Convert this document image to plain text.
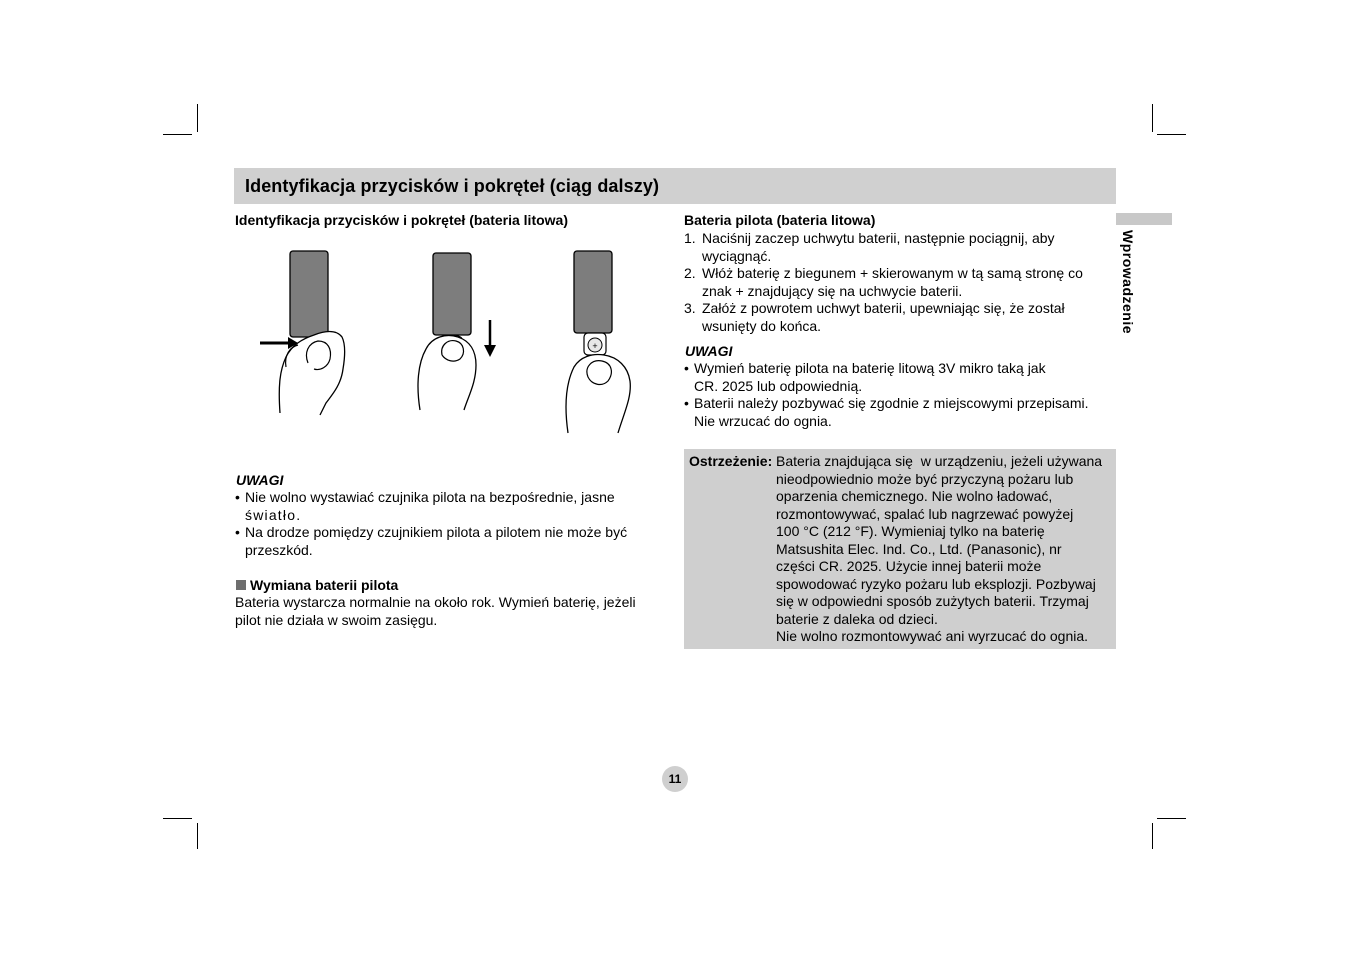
Identyfikacja przycisków i pokręteł (ciąg dalszy)
Wprowadzenie
Identyfikacja przycisków i pokręteł (bateria litowa)
+
UWAGI
• Nie wolno wystawiać czujnika pilota na bezpośrednie, jasne
światło.
• Na drodze pomiędzy czujnikiem pilota a pilotem nie może być
przeszkód.
Wymiana baterii pilota
Bateria wystarcza normalnie na około rok. Wymień baterię, jeżeli
pilot nie działa w swoim zasięgu.
Bateria pilota (bateria litowa)
1. Naciśnij zaczep uchwytu baterii, następnie pociągnij, aby
wyciągnąć.
2. Włóż baterię z biegunem + skierowanym w tą samą stronę co
znak + znajdujący się na uchwycie baterii.
3. Załóż z powrotem uchwyt baterii, upewniając się, że został
wsunięty do końca.
UWAGI
• Wymień baterię pilota na baterię litową 3V mikro taką jak
CR. 2025 lub odpowiednią.
• Baterii należy pozbywać się zgodnie z miejscowymi przepisami.
Nie wrzucać do ognia.
Ostrzeżenie: Bateria znajdująca się  w urządzeniu, jeżeli używana
nieodpowiednio może być przyczyną pożaru lub
oparzenia chemicznego. Nie wolno ładować,
rozmontowywać, spalać lub nagrzewać powyżej
100 °C (212 °F). Wymieniaj tylko na baterię
Matsushita Elec. Ind. Co., Ltd. (Panasonic), nr
części CR. 2025. Użycie innej baterii może
spowodować ryzyko pożaru lub eksplozji. Pozbywaj
się w odpowiedni sposób zużytych baterii. Trzymaj
baterie z daleka od dzieci.
Nie wolno rozmontowywać ani wyrzucać do ognia.
11
